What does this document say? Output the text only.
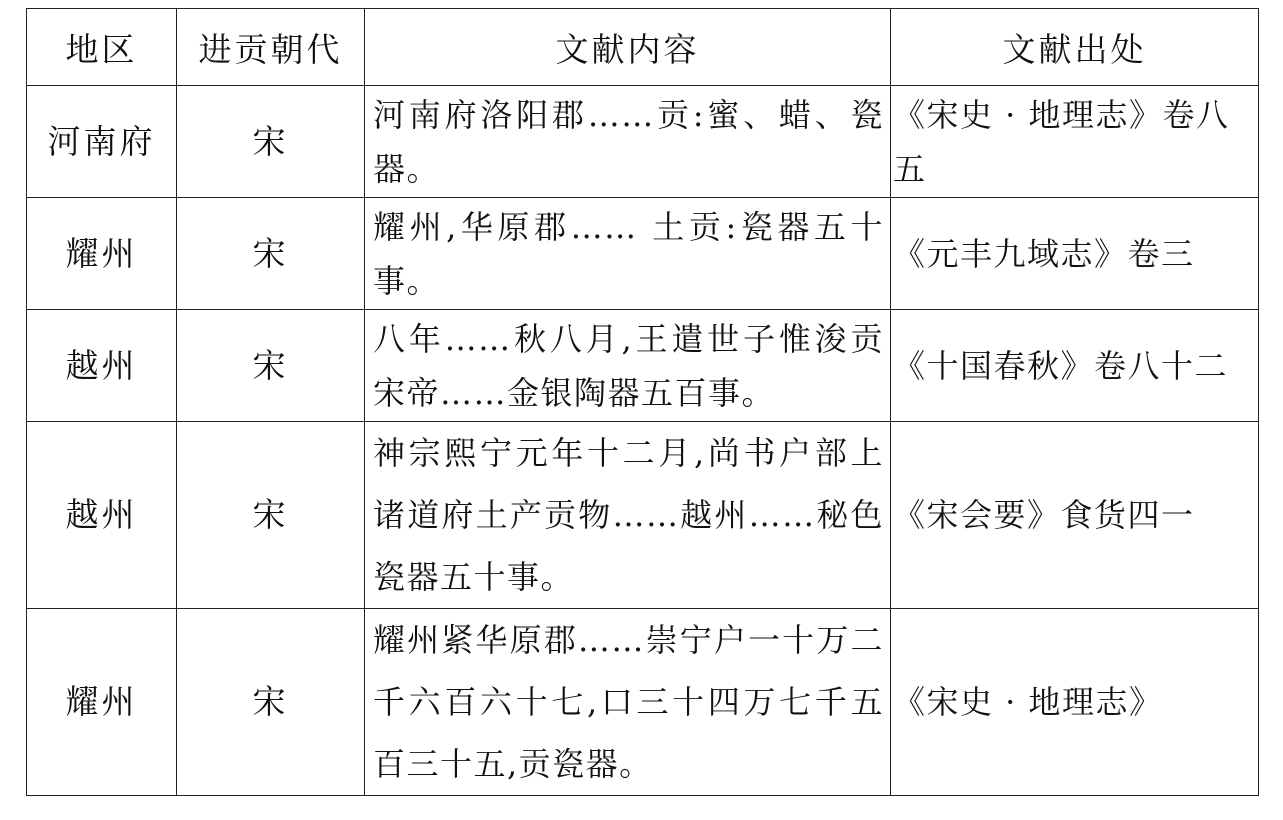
地区	进贡朝代	文献内容	文献出处
河南府	宋	河南府洛阳郡……贡:蜜、蜡、瓷器。	《宋史 · 地理志》卷八五
耀州	宋	耀州,华原郡…… 土贡:瓷器五十事。	《元丰九域志》卷三
越州	宋	八年……秋八月,王遣世子惟浚贡宋帝……金银陶器五百事。	《十国春秋》卷八十二
越州	宋	神宗熙宁元年十二月,尚书户部上诸道府土产贡物……越州……秘色瓷器五十事。	《宋会要》食货四一
耀州	宋	耀州紧华原郡……崇宁户一十万二千六百六十七,口三十四万七千五百三十五,贡瓷器。	《宋史 · 地理志》
